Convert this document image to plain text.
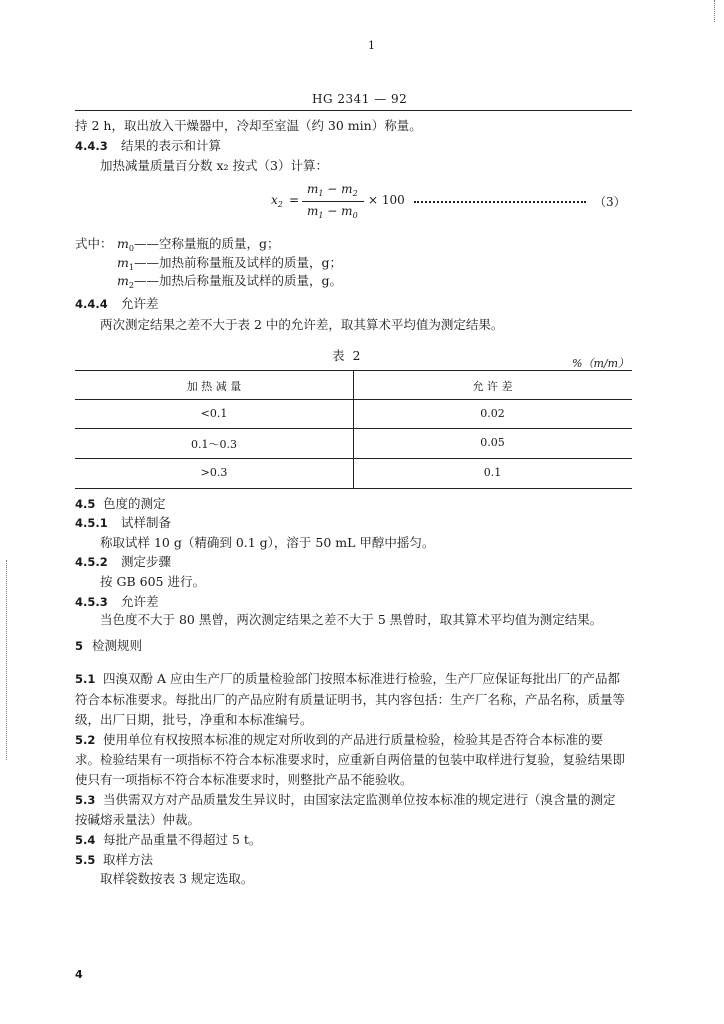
1
HG 2341 — 92
持 2 h，取出放入干燥器中，冷却至室温（约 30 min）称量。
4.4.3 结果的表示和计算
加热减量质量百分数 x₂ 按式（3）计算：
$x_2$ =
$m_1 - m_2$
$m_1 - m_0$
× 100	（3）
式中： $m_0——$空称量瓶的质量，g；
$m_1——$加热前称量瓶及试样的质量，g；
$m_2——$加热后称量瓶及试样的质量，g。
4.4.4 允许差
两次测定结果之差不大于表 2 中的允许差，取其算术平均值为测定结果。
表 2
%（m/m）
加 热 减 量	允 许 差
<0.1	0.02
0.1～0.3	0.05
>0.3	0.1
4.5 色度的测定
4.5.1 试样制备
称取试样 10 g（精确到 0.1 g），溶于 50 mL 甲醇中摇匀。
4.5.2 测定步骤
按 GB 605 进行。
4.5.3 允许差
当色度不大于 80 黑曾，两次测定结果之差不大于 5 黑曾时，取其算术平均值为测定结果。
5 检测规则
5.1 四溴双酚 A 应由生产厂的质量检验部门按照本标准进行检验，生产厂应保证每批出厂的产品都
符合本标准要求。每批出厂的产品应附有质量证明书，其内容包括：生产厂名称，产品名称，质量等
级，出厂日期，批号，净重和本标准编号。
5.2 使用单位有权按照本标准的规定对所收到的产品进行质量检验，检验其是否符合本标准的要
求。检验结果有一项指标不符合本标准要求时，应重新自两倍量的包装中取样进行复验，复验结果即
使只有一项指标不符合本标准要求时，则整批产品不能验收。
5.3 当供需双方对产品质量发生异议时，由国家法定监测单位按本标准的规定进行（溴含量的测定
按碱熔汞量法）仲裁。
5.4 每批产品重量不得超过 5 t。
5.5 取样方法
取样袋数按表 3 规定选取。
4
